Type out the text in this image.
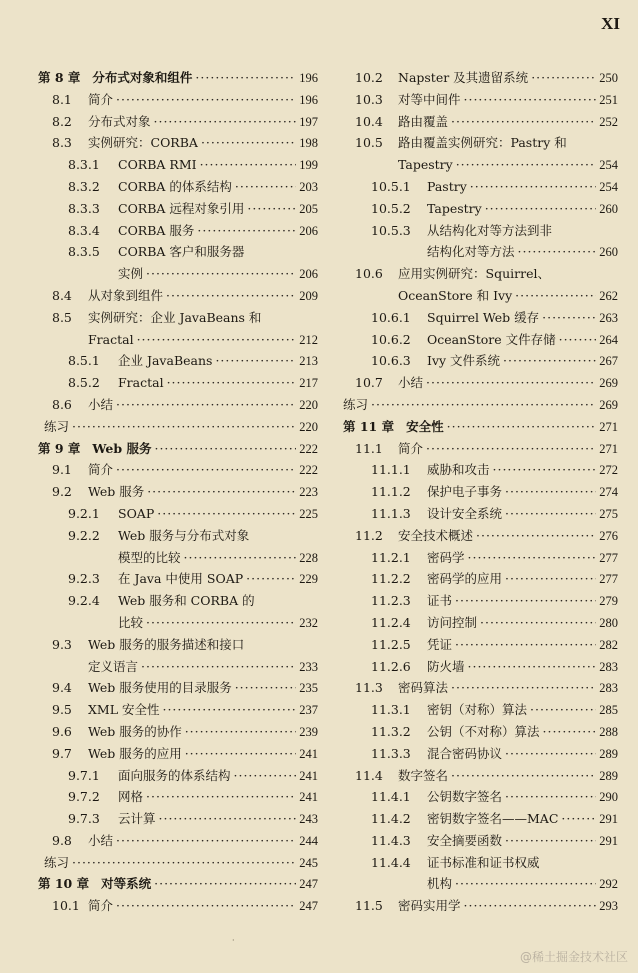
XI
第 8 章 分布式对象和组件 ·····	196
8.1 简介 ·····	196
8.2 分布式对象 ·····	197
8.3 实例研究：CORBA ·····	198
8.3.1 CORBA RMI ·····	199
8.3.2 CORBA 的体系结构 ·····	203
8.3.3 CORBA 远程对象引用 ·····	205
8.3.4 CORBA 服务 ·····	206
8.3.5 CORBA 客户和服务器
实例 ·····	206
8.4 从对象到组件 ·····	209
8.5 实例研究：企业 JavaBeans 和
Fractal ·····	212
8.5.1 企业 JavaBeans ·····	213
8.5.2 Fractal ·····	217
8.6 小结 ·····	220
练习 ·····	220
第 9 章 Web 服务 ·····	222
9.1 简介 ·····	222
9.2 Web 服务 ·····	223
9.2.1 SOAP ·····	225
9.2.2 Web 服务与分布式对象
模型的比较 ·····	228
9.2.3 在 Java 中使用 SOAP ·····	229
9.2.4 Web 服务和 CORBA 的
比较 ·····	232
9.3 Web 服务的服务描述和接口
定义语言 ·····	233
9.4 Web 服务使用的目录服务 ·····	235
9.5 XML 安全性 ·····	237
9.6 Web 服务的协作 ·····	239
9.7 Web 服务的应用 ·····	241
9.7.1 面向服务的体系结构 ·····	241
9.7.2 网格 ·····	241
9.7.3 云计算 ·····	243
9.8 小结 ·····	244
练习 ·····	245
第 10 章 对等系统 ·····	247
10.1 简介 ·····	247
10.2 Napster 及其遗留系统 ·····	250
10.3 对等中间件 ·····	251
10.4 路由覆盖 ·····	252
10.5 路由覆盖实例研究：Pastry 和
Tapestry ·····	254
10.5.1 Pastry ·····	254
10.5.2 Tapestry ·····	260
10.5.3 从结构化对等方法到非
结构化对等方法 ·····	260
10.6 应用实例研究：Squirrel、
OceanStore 和 Ivy ·····	262
10.6.1 Squirrel Web 缓存 ·····	263
10.6.2 OceanStore 文件存储 ·····	264
10.6.3 Ivy 文件系统 ·····	267
10.7 小结 ·····	269
练习 ·····	269
第 11 章 安全性 ·····	271
11.1 简介 ·····	271
11.1.1 威胁和攻击 ·····	272
11.1.2 保护电子事务 ·····	274
11.1.3 设计安全系统 ·····	275
11.2 安全技术概述 ·····	276
11.2.1 密码学 ·····	277
11.2.2 密码学的应用 ·····	277
11.2.3 证书 ·····	279
11.2.4 访问控制 ·····	280
11.2.5 凭证 ·····	282
11.2.6 防火墙 ·····	283
11.3 密码算法 ·····	283
11.3.1 密钥（对称）算法 ·····	285
11.3.2 公钥（不对称）算法 ·····	288
11.3.3 混合密码协议 ·····	289
11.4 数字签名 ·····	289
11.4.1 公钥数字签名 ·····	290
11.4.2 密钥数字签名——MAC ·····	291
11.4.3 安全摘要函数 ·····	291
11.4.4 证书标准和证书权威
机构 ·····	292
11.5 密码实用学 ·····	293
·
@稀土掘金技术社区
